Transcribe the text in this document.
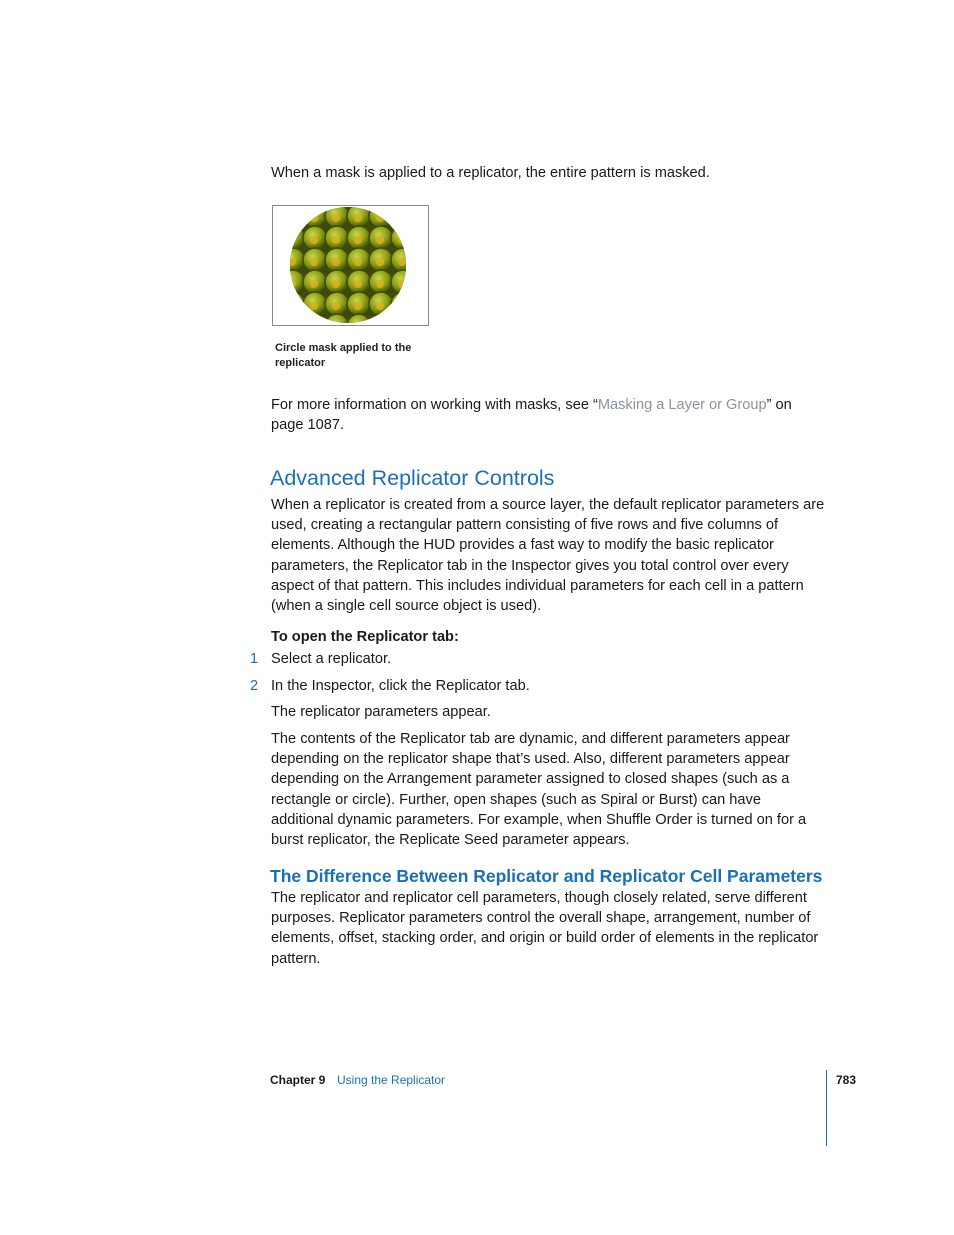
When a mask is applied to a replicator, the entire pattern is masked.

Circle mask applied to the replicator

For more information on working with masks, see “Masking a Layer or Group” on page 1087.

Advanced Replicator Controls

When a replicator is created from a source layer, the default replicator parameters are used, creating a rectangular pattern consisting of five rows and five columns of elements. Although the HUD provides a fast way to modify the basic replicator parameters, the Replicator tab in the Inspector gives you total control over every aspect of that pattern. This includes individual parameters for each cell in a pattern (when a single cell source object is used).

To open the Replicator tab:

1 Select a replicator.

2 In the Inspector, click the Replicator tab.

The replicator parameters appear.

The contents of the Replicator tab are dynamic, and different parameters appear depending on the replicator shape that’s used. Also, different parameters appear depending on the Arrangement parameter assigned to closed shapes (such as a rectangle or circle). Further, open shapes (such as Spiral or Burst) can have additional dynamic parameters. For example, when Shuffle Order is turned on for a burst replicator, the Replicate Seed parameter appears.

The Difference Between Replicator and Replicator Cell Parameters

The replicator and replicator cell parameters, though closely related, serve different purposes. Replicator parameters control the overall shape, arrangement, number of elements, offset, stacking order, and origin or build order of elements in the replicator pattern.

Chapter 9 Using the Replicator	783
